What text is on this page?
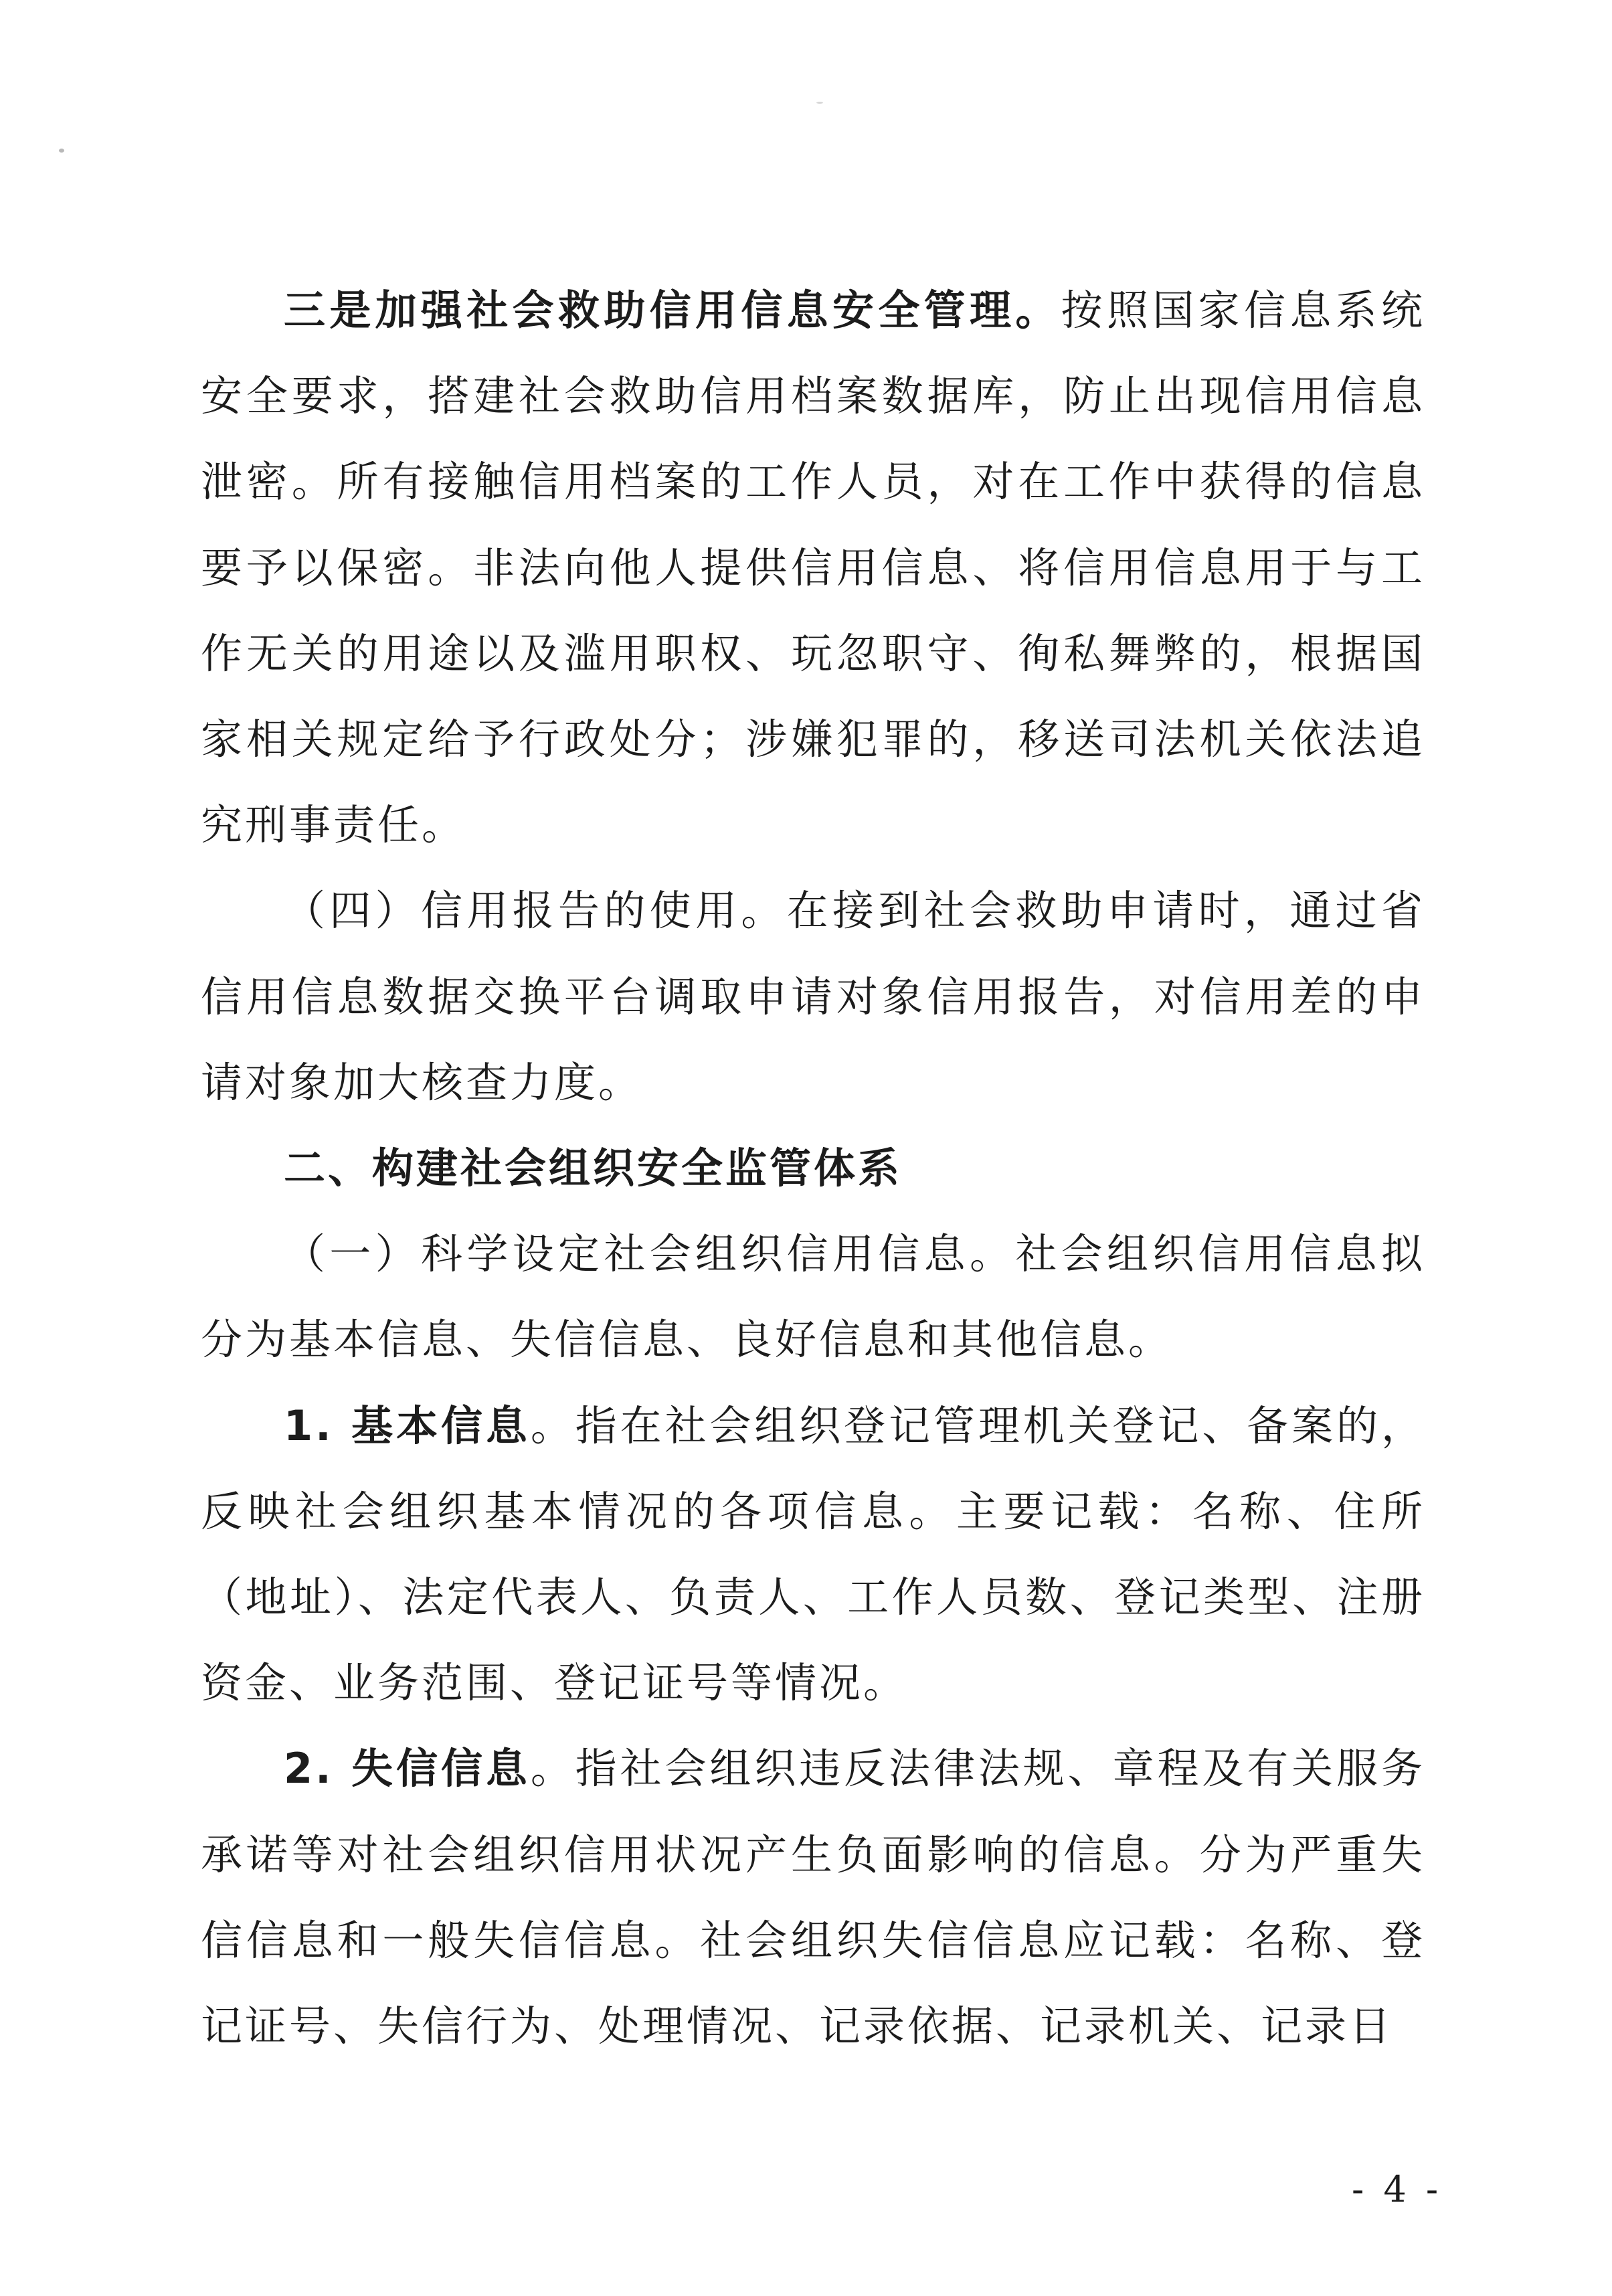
三是加强社会救助信用信息安全管理。按照国家信息系统安全要求，搭建社会救助信用档案数据库，防止出现信用信息泄密。所有接触信用档案的工作人员，对在工作中获得的信息要予以保密。非法向他人提供信用信息、将信用信息用于与工作无关的用途以及滥用职权、玩忽职守、徇私舞弊的，根据国家相关规定给予行政处分；涉嫌犯罪的，移送司法机关依法追究刑事责任。

（四）信用报告的使用。在接到社会救助申请时，通过省信用信息数据交换平台调取申请对象信用报告，对信用差的申请对象加大核查力度。

二、构建社会组织安全监管体系

（一）科学设定社会组织信用信息。社会组织信用信息拟分为基本信息、失信信息、良好信息和其他信息。

1. 基本信息。指在社会组织登记管理机关登记、备案的，反映社会组织基本情况的各项信息。主要记载：名称、住所（地址）、法定代表人、负责人、工作人员数、登记类型、注册资金、业务范围、登记证号等情况。

2. 失信信息。指社会组织违反法律法规、章程及有关服务承诺等对社会组织信用状况产生负面影响的信息。分为严重失信信息和一般失信信息。社会组织失信信息应记载：名称、登记证号、失信行为、处理情况、记录依据、记录机关、记录日

- 4 -
